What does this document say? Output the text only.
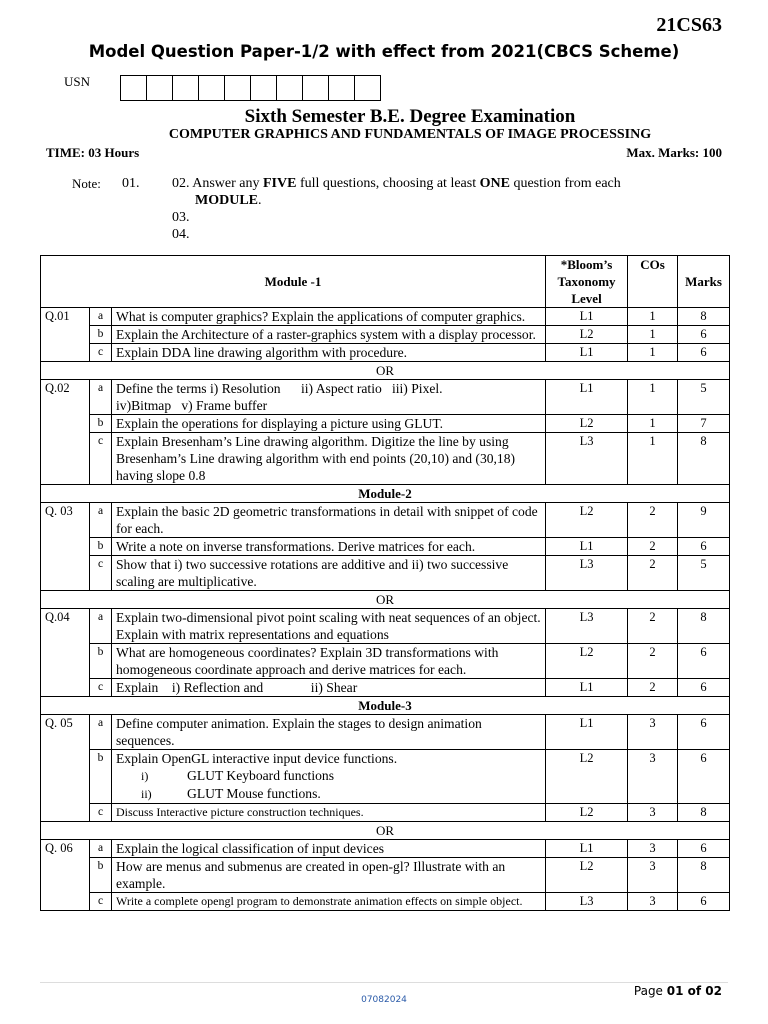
21CS63
Model Question Paper-1/2 with effect from 2021(CBCS Scheme)
USN
Sixth Semester B.E. Degree Examination
COMPUTER GRAPHICS AND FUNDAMENTALS OF IMAGE PROCESSING
TIME: 03 Hours	Max. Marks: 100
Note: 01.	02. Answer any FIVE full questions, choosing at least ONE question from each
MODULE.
03.
04.
Module -1			*Bloom’s Taxonomy Level	COs	Marks
Q.01	a	What is computer graphics? Explain the applications of computer graphics.	L1	1	8
	b	Explain the Architecture of a raster-graphics system with a display processor.	L2	1	6
	c	Explain DDA line drawing algorithm with procedure.	L1	1	6
OR					
Q.02	a	Define the terms i) Resolution      ii) Aspect ratio   iii) Pixel.
iv)Bitmap   v) Frame buffer	L1	1	5
	b	Explain the operations for displaying a picture using GLUT.	L2	1	7
	c	Explain Bresenham’s Line drawing algorithm. Digitize the line by using Bresenham’s Line drawing algorithm with end points (20,10) and (30,18) having slope 0.8	L3	1	8
Module-2					
Q. 03	a	Explain the basic 2D geometric transformations in detail with snippet of code for each.	L2	2	9
	b	Write a note on inverse transformations. Derive matrices for each.	L1	2	6
	c	Show that i) two successive rotations are additive and ii) two successive scaling are multiplicative.	L3	2	5
OR					
Q.04	a	Explain two-dimensional pivot point scaling with neat sequences of an object. Explain with matrix representations and equations	L3	2	8
	b	What are homogeneous coordinates? Explain 3D transformations with homogeneous coordinate approach and derive matrices for each.	L2	2	6
	c	Explain    i) Reflection and              ii) Shear	L1	2	6
Module-3					
Q. 05	a	Define computer animation. Explain the stages to design animation sequences.	L1	3	6
	b	Explain OpenGL interactive input device functions.
i) GLUT Keyboard functions
ii) GLUT Mouse functions.	L2	3	6
	c	Discuss Interactive picture construction techniques.	L2	3	8
OR					
Q. 06	a	Explain the logical classification of input devices	L1	3	6
	b	How are menus and submenus are created in open-gl? Illustrate with an example.	L2	3	8
	c	Write a complete opengl program to demonstrate animation effects on simple object.	L3	3	6
07082024
Page 01 of 02
